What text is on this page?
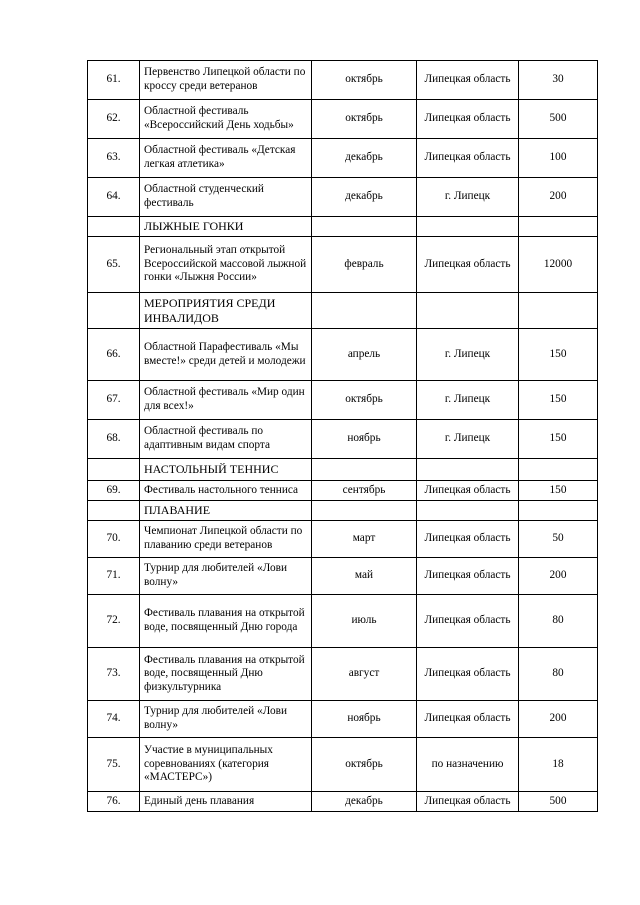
61.	Первенство Липецкой области по кроссу среди ветеранов	октябрь	Липецкая область	30
62.	Областной фестиваль «Всероссийский День ходьбы»	октябрь	Липецкая область	500
63.	Областной фестиваль «Детская легкая атлетика»	декабрь	Липецкая область	100
64.	Областной студенческий фестиваль	декабрь	г. Липецк	200
	ЛЫЖНЫЕ ГОНКИ			
65.	Региональный этап открытой Всероссийской массовой лыжной гонки «Лыжня России»	февраль	Липецкая область	12000
	МЕРОПРИЯТИЯ СРЕДИ ИНВАЛИДОВ			
66.	Областной Парафестиваль «Мы вместе!» среди детей и молодежи	апрель	г. Липецк	150
67.	Областной фестиваль «Мир один для всех!»	октябрь	г. Липецк	150
68.	Областной фестиваль по адаптивным видам спорта	ноябрь	г. Липецк	150
	НАСТОЛЬНЫЙ ТЕННИС			
69.	Фестиваль настольного тенниса	сентябрь	Липецкая область	150
	ПЛАВАНИЕ			
70.	Чемпионат Липецкой области по плаванию среди ветеранов	март	Липецкая область	50
71.	Турнир для любителей «Лови волну»	май	Липецкая область	200
72.	Фестиваль плавания на открытой воде, посвященный Дню города	июль	Липецкая область	80
73.	Фестиваль плавания на открытой воде, посвященный Дню физкультурника	август	Липецкая область	80
74.	Турнир для любителей «Лови волну»	ноябрь	Липецкая область	200
75.	Участие в муниципальных соревнованиях (категория «МАСТЕРС»)	октябрь	по назначению	18
76.	Единый день плавания	декабрь	Липецкая область	500
